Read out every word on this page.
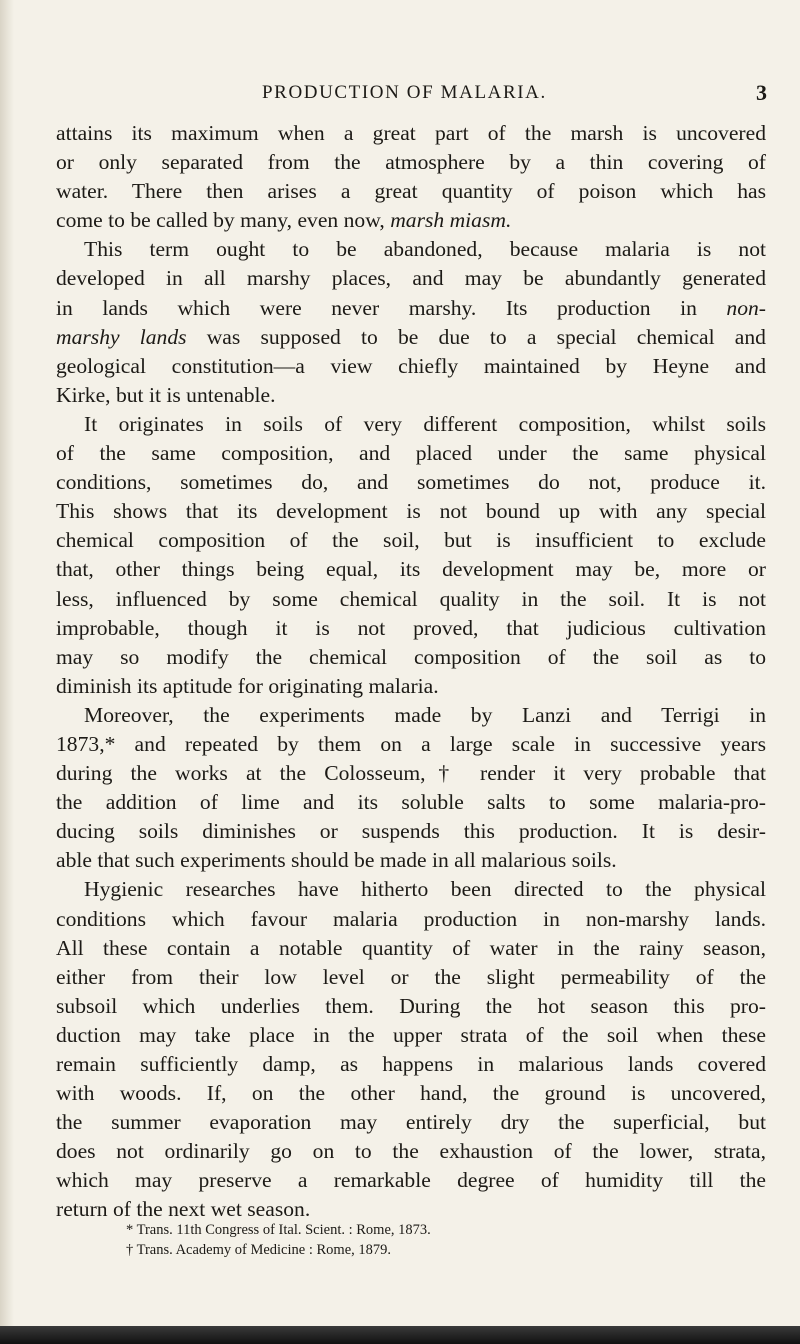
PRODUCTION OF MALARIA.	3
attains its maximum when a great part of the marsh is uncovered
or only separated from the atmosphere by a thin covering of
water. There then arises a great quantity of poison which has
come to be called by many, even now, marsh miasm.
This term ought to be abandoned, because malaria is not
developed in all marshy places, and may be abundantly generated
in lands which were never marshy. Its production in non-
marshy lands was supposed to be due to a special chemical and
geological constitution—a view chiefly maintained by Heyne and
Kirke, but it is untenable.
It originates in soils of very different composition, whilst soils
of the same composition, and placed under the same physical
conditions, sometimes do, and sometimes do not, produce it.
This shows that its development is not bound up with any special
chemical composition of the soil, but is insufficient to exclude
that, other things being equal, its development may be, more or
less, influenced by some chemical quality in the soil. It is not
improbable, though it is not proved, that judicious cultivation
may so modify the chemical composition of the soil as to
diminish its aptitude for originating malaria.
Moreover, the experiments made by Lanzi and Terrigi in
1873,* and repeated by them on a large scale in successive years
during the works at the Colosseum,† render it very probable that
the addition of lime and its soluble salts to some malaria-pro-
ducing soils diminishes or suspends this production. It is desir-
able that such experiments should be made in all malarious soils.
Hygienic researches have hitherto been directed to the physical
conditions which favour malaria production in non-marshy lands.
All these contain a notable quantity of water in the rainy season,
either from their low level or the slight permeability of the
subsoil which underlies them. During the hot season this pro-
duction may take place in the upper strata of the soil when these
remain sufficiently damp, as happens in malarious lands covered
with woods. If, on the other hand, the ground is uncovered,
the summer evaporation may entirely dry the superficial, but
does not ordinarily go on to the exhaustion of the lower, strata,
which may preserve a remarkable degree of humidity till the
return of the next wet season.
* Trans. 11th Congress of Ital. Scient. : Rome, 1873.
† Trans. Academy of Medicine : Rome, 1879.
